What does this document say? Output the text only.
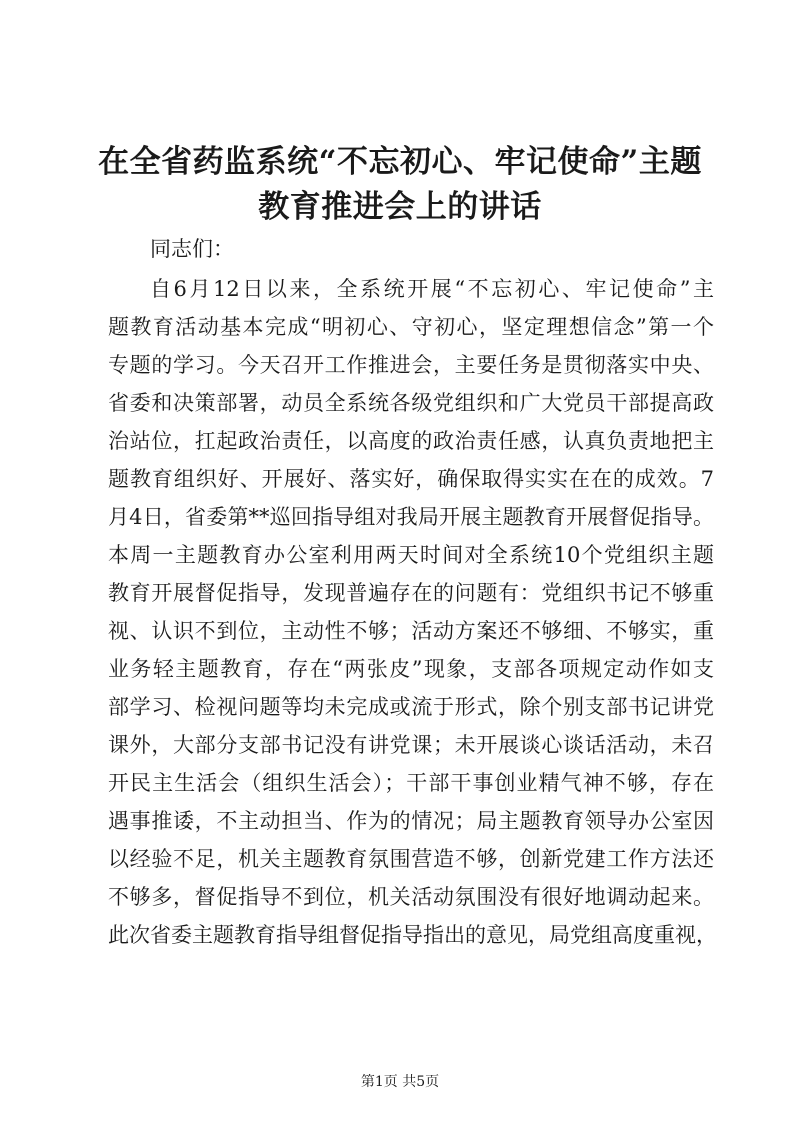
在全省药监系统“不忘初心、牢记使命”主题
教育推进会上的讲话
同志们：
自6月12日以来，全系统开展“不忘初心、牢记使命”主
题教育活动基本完成“明初心、守初心，坚定理想信念”第一个
专题的学习。今天召开工作推进会，主要任务是贯彻落实中央、
省委和决策部署，动员全系统各级党组织和广大党员干部提高政
治站位，扛起政治责任，以高度的政治责任感，认真负责地把主
题教育组织好、开展好、落实好，确保取得实实在在的成效。7
月4日，省委第**巡回指导组对我局开展主题教育开展督促指导。
本周一主题教育办公室利用两天时间对全系统10个党组织主题
教育开展督促指导，发现普遍存在的问题有：党组织书记不够重
视、认识不到位，主动性不够；活动方案还不够细、不够实，重
业务轻主题教育，存在“两张皮”现象，支部各项规定动作如支
部学习、检视问题等均未完成或流于形式，除个别支部书记讲党
课外，大部分支部书记没有讲党课；未开展谈心谈话活动，未召
开民主生活会（组织生活会）；干部干事创业精气神不够，存在
遇事推诿，不主动担当、作为的情况；局主题教育领导办公室因
以经验不足，机关主题教育氛围营造不够，创新党建工作方法还
不够多，督促指导不到位，机关活动氛围没有很好地调动起来。
此次省委主题教育指导组督促指导指出的意见，局党组高度重视，
第1页 共5页
